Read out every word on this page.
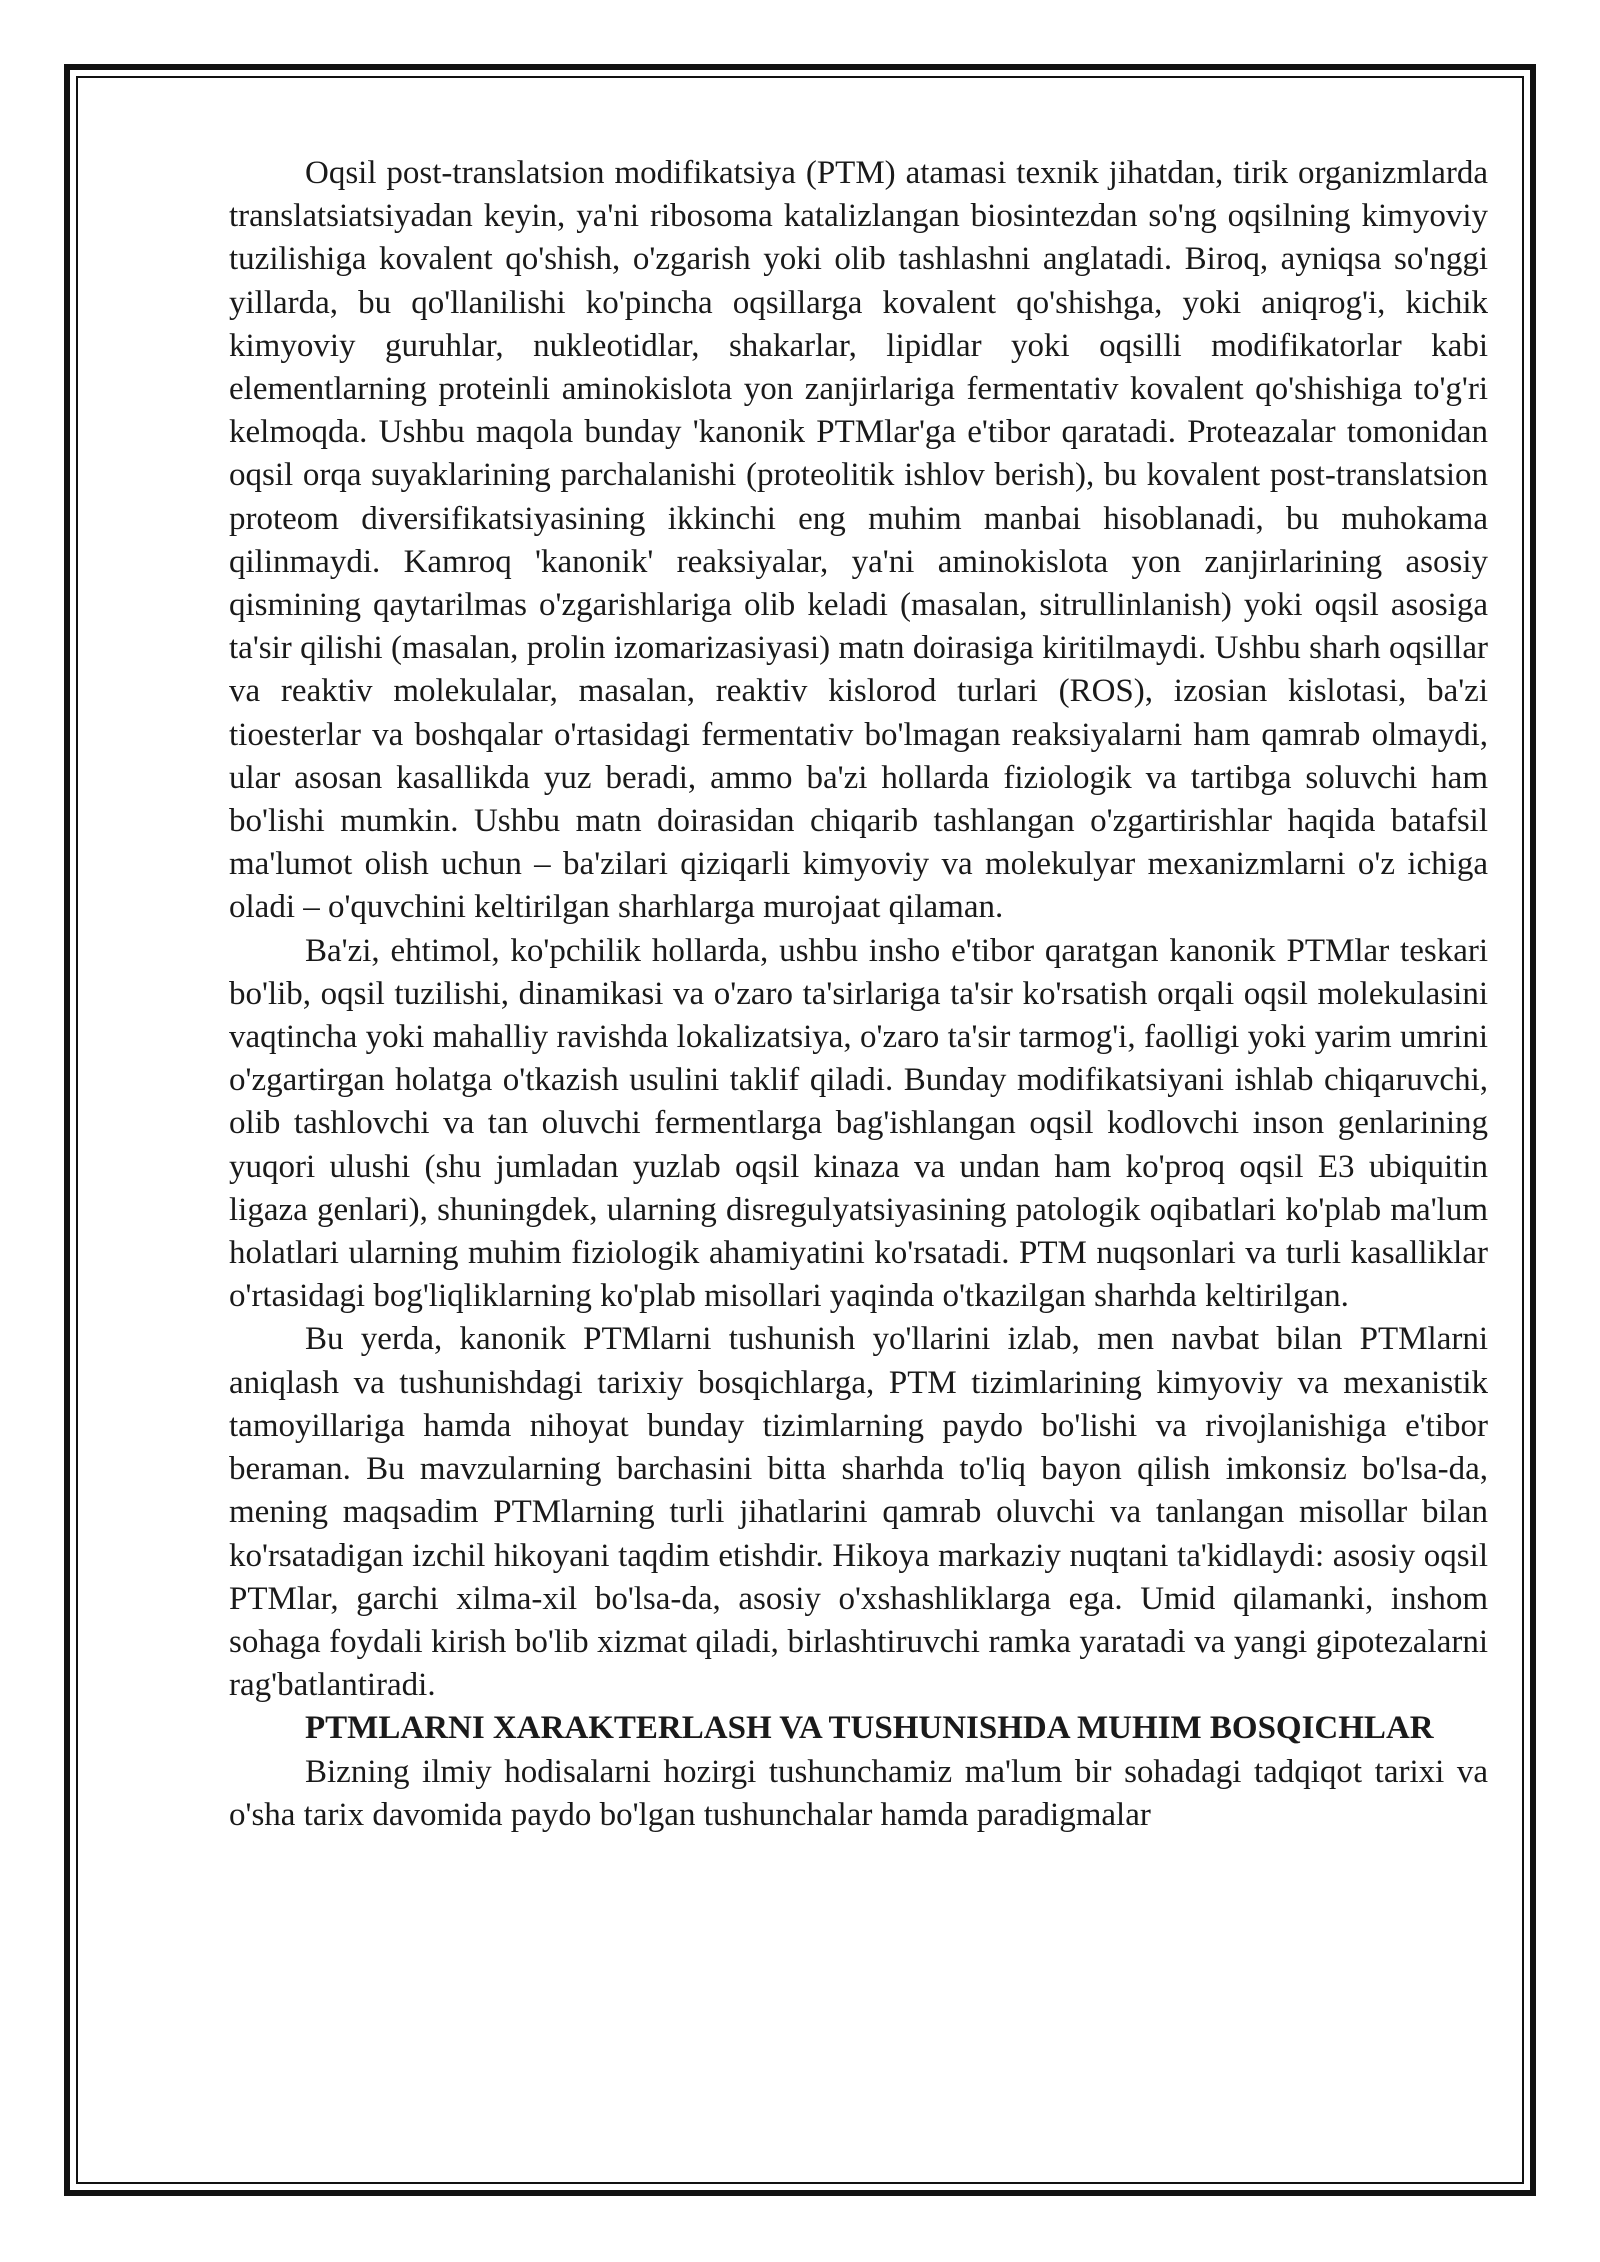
Oqsil post-translatsion modifikatsiya (PTM) atamasi texnik jihatdan, tirik organizmlarda translatsiatsiyadan keyin, ya'ni ribosoma katalizlangan biosintezdan so'ng oqsilning kimyoviy tuzilishiga kovalent qo'shish, o'zgarish yoki olib tashlashni anglatadi. Biroq, ayniqsa so'nggi yillarda, bu qo'llanilishi ko'pincha oqsillarga kovalent qo'shishga, yoki aniqrog'i, kichik kimyoviy guruhlar, nukleotidlar, shakarlar, lipidlar yoki oqsilli modifikatorlar kabi elementlarning proteinli aminokislota yon zanjirlariga fermentativ kovalent qo'shishiga to'g'ri kelmoqda. Ushbu maqola bunday 'kanonik PTMlar'ga e'tibor qaratadi. Proteazalar tomonidan oqsil orqa suyaklarining parchalanishi (proteolitik ishlov berish), bu kovalent post-translatsion proteom diversifikatsiyasining ikkinchi eng muhim manbai hisoblanadi, bu muhokama qilinmaydi. Kamroq 'kanonik' reaksiyalar, ya'ni aminokislota yon zanjirlarining asosiy qismining qaytarilmas o'zgarishlariga olib keladi (masalan, sitrullinlanish) yoki oqsil asosiga ta'sir qilishi (masalan, prolin izomarizasiyasi) matn doirasiga kiritilmaydi. Ushbu sharh oqsillar va reaktiv molekulalar, masalan, reaktiv kislorod turlari (ROS), izosian kislotasi, ba'zi tioesterlar va boshqalar o'rtasidagi fermentativ bo'lmagan reaksiyalarni ham qamrab olmaydi, ular asosan kasallikda yuz beradi, ammo ba'zi hollarda fiziologik va tartibga soluvchi ham bo'lishi mumkin. Ushbu matn doirasidan chiqarib tashlangan o'zgartirishlar haqida batafsil ma'lumot olish uchun – ba'zilari qiziqarli kimyoviy va molekulyar mexanizmlarni o'z ichiga oladi – o'quvchini keltirilgan sharhlarga murojaat qilaman.

Ba'zi, ehtimol, ko'pchilik hollarda, ushbu insho e'tibor qaratgan kanonik PTMlar teskari bo'lib, oqsil tuzilishi, dinamikasi va o'zaro ta'sirlariga ta'sir ko'rsatish orqali oqsil molekulasini vaqtincha yoki mahalliy ravishda lokalizatsiya, o'zaro ta'sir tarmog'i, faolligi yoki yarim umrini o'zgartirgan holatga o'tkazish usulini taklif qiladi. Bunday modifikatsiyani ishlab chiqaruvchi, olib tashlovchi va tan oluvchi fermentlarga bag'ishlangan oqsil kodlovchi inson genlarining yuqori ulushi (shu jumladan yuzlab oqsil kinaza va undan ham ko'proq oqsil E3 ubiquitin ligaza genlari), shuningdek, ularning disregulyatsiyasining patologik oqibatlari ko'plab ma'lum holatlari ularning muhim fiziologik ahamiyatini ko'rsatadi. PTM nuqsonlari va turli kasalliklar o'rtasidagi bog'liqliklarning ko'plab misollari yaqinda o'tkazilgan sharhda keltirilgan.

Bu yerda, kanonik PTMlarni tushunish yo'llarini izlab, men navbat bilan PTMlarni aniqlash va tushunishdagi tarixiy bosqichlarga, PTM tizimlarining kimyoviy va mexanistik tamoyillariga hamda nihoyat bunday tizimlarning paydo bo'lishi va rivojlanishiga e'tibor beraman. Bu mavzularning barchasini bitta sharhda to'liq bayon qilish imkonsiz bo'lsa-da, mening maqsadim PTMlarning turli jihatlarini qamrab oluvchi va tanlangan misollar bilan ko'rsatadigan izchil hikoyani taqdim etishdir. Hikoya markaziy nuqtani ta'kidlaydi: asosiy oqsil PTMlar, garchi xilma-xil bo'lsa-da, asosiy o'xshashliklarga ega. Umid qilamanki, inshom sohaga foydali kirish bo'lib xizmat qiladi, birlashtiruvchi ramka yaratadi va yangi gipotezalarni rag'batlantiradi.

PTMLARNI XARAKTERLASH VA TUSHUNISHDA MUHIM BOSQICHLAR

Bizning ilmiy hodisalarni hozirgi tushunchamiz ma'lum bir sohadagi tadqiqot tarixi va o'sha tarix davomida paydo bo'lgan tushunchalar hamda paradigmalar
